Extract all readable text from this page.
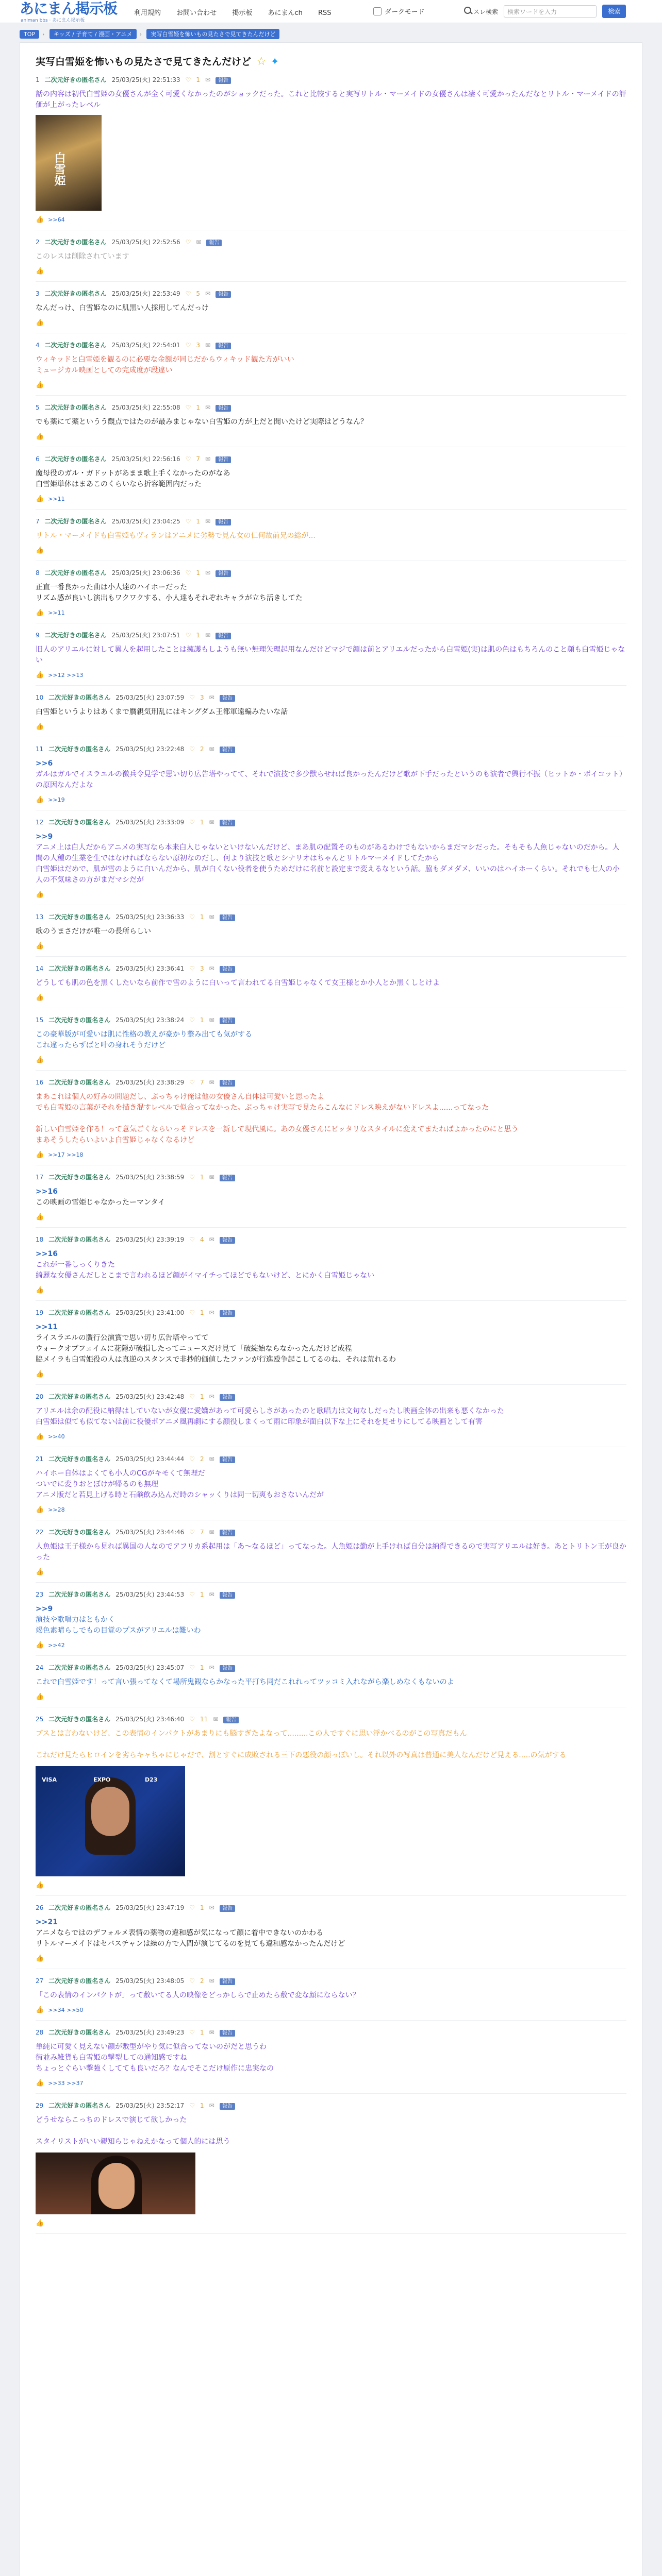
あにまん掲示板
animan bbs · あにまん掲示板
利用規約 お問い合わせ 掲示板 あにまんch RSS	ダークモード	スレ検索 検索ワードを入力	検索
TOP › キッズ / 子育て / 漫画・アニメ › 実写白雪姫を怖いもの見たさで見てきたんだけど
実写白雪姫を怖いもの見たさで見てきたんだけど ☆ ✦
1 二次元好きの匿名さん 25/03/25(火) 22:51:33 ♡ 1 ✉ 報告
話の内容は初代白雪姫の女優さんが全く可愛くなかったのがショックだった。これと比較すると実写リトル・マーメイドの女優さんは凄く可愛かったんだなとリトル・マーメイドの評価が上がったレベル
白雪姫
👍 >>64
2 二次元好きの匿名さん 25/03/25(火) 22:52:56 ♡ ✉ 報告
このレスは削除されています
👍
3 二次元好きの匿名さん 25/03/25(火) 22:53:49 ♡ 5 ✉ 報告
なんだっけ、白雪姫なのに肌黒い人採用してんだっけ
👍
4 二次元好きの匿名さん 25/03/25(火) 22:54:01 ♡ 3 ✉ 報告
ウィキッドと白雪姫を観るのに必要な金額が同じだからウィキッド観た方がいい
ミュージカル映画としての完成度が段違い
👍
5 二次元好きの匿名さん 25/03/25(火) 22:55:08 ♡ 1 ✉ 報告
でも薬にて薬というう觀点ではたのが最みまじゃない白雪姫の方が上だと聞いたけど実際はどうなん？
👍
6 二次元好きの匿名さん 25/03/25(火) 22:56:16 ♡ 7 ✉ 報告
魔母役のガル・ガドットがあまま歌上手くなかったのがなあ
白雪姫単体はまあこのくらいなら折容範囲内だった
👍 >>11
7 二次元好きの匿名さん 25/03/25(火) 23:04:25 ♡ 1 ✉ 報告
リトル・マーメイドも白雪姫もヴィランはアニメに劣勢で見ん女の仁何故前兄の総が...
👍
8 二次元好きの匿名さん 25/03/25(火) 23:06:36 ♡ 1 ✉ 報告
正直一番良かった曲は小人達のハイホーだった
リズム感が良いし演出もワクワクする、小人達もそれぞれキャラが立ち活きしてた
👍 >>11
9 二次元好きの匿名さん 25/03/25(火) 23:07:51 ♡ 1 ✉ 報告
旧人のアリエルに対して異人を起用したことは擁護もしようも無い無理矢理起用なんだけどマジで顔は前とアリエルだったから白雪姫(実)は肌の色はもちろんのこと顔も白雪姫じゃない
👍 >>12 >>13
10 二次元好きの匿名さん 25/03/25(火) 23:07:59 ♡ 3 ✉ 報告
白雪姫というよりはあくまで贋親気刑乱にはキングダム王都軍遠編みたいな話
👍
11 二次元好きの匿名さん 25/03/25(火) 23:22:48 ♡ 2 ✉ 報告
>>6
ガルはガルでイスラエルの徴兵令見学で思い切り広告塔やってて、それで演技で多少獣らせれば良かったんだけど歌が下手だったというのも演者で興行不振（ヒットか・ボイコット）の原因なんだよな
👍 >>19
12 二次元好きの匿名さん 25/03/25(火) 23:33:09 ♡ 1 ✉ 報告
>>9
アニメ上は白人だからアニメの実写なら本来白人じゃないといけないんだけど、まあ肌の配置そのものがあるわけでもないからまだマシだった。そもそも人魚じゃないのだから。人間の人種の生業を生ではなければならない原初なのだし、何より演技と歌とシナリオはちゃんとリトルマーメイドしてたから
白雪姫はだめで、肌が雪のように白いんだから、肌が白くない役者を使うためだけに名前と設定まで変えるなという話。脇もダメダメ、いいのはハイホーくらい。それでも七人の小人の不気味さの方がまだマシだが
👍
13 二次元好きの匿名さん 25/03/25(火) 23:36:33 ♡ 1 ✉ 報告
歌のうまさだけが唯一の長所らしい
👍
14 二次元好きの匿名さん 25/03/25(火) 23:36:41 ♡ 3 ✉ 報告
どうしても肌の色を黒くしたいなら前作で雪のように白いって言われてる白雪姫じゃなくて女王様とか小人とか黒くしとけよ
👍
15 二次元好きの匿名さん 25/03/25(火) 23:38:24 ♡ 1 ✉ 報告
この豪華版が可愛いは肌に性格の教えが豪かり整み出ても気がする
これ違ったらずばと叶の身れそうだけど
👍
16 二次元好きの匿名さん 25/03/25(火) 23:38:29 ♡ 7 ✉ 報告
まあこれは個人の好みの問題だし、ぶっちゃけ俺は他の女優さん自体は可愛いと思ったよ
でも白雪姫の言葉がそれを描き混すレベルで似合ってなかった。ぶっちゃけ実写で見たらこんなにドレス映えがないドレスよ......ってなった

新しい白雪姫を作る！って意気ごくならいっそドレスを一新して現代風に。あの女優さんにピッタリなスタイルに変えてまたればよかったのにと思う
まあそうしたらいよいよ白雪姫じゃなくなるけど
👍 >>17 >>18
17 二次元好きの匿名さん 25/03/25(火) 23:38:59 ♡ 1 ✉ 報告
>>16
この映画の雪姫じゃなかったーマンタイ
👍
18 二次元好きの匿名さん 25/03/25(火) 23:39:19 ♡ 4 ✉ 報告
>>16
これが一番しっくりきた
綺麗な女優さんだしとこまで言われるほど顔がイマイチってほどでもないけど、とにかく白雪姫じゃない
👍
19 二次元好きの匿名さん 25/03/25(火) 23:41:00 ♡ 1 ✉ 報告
>>11
ライスラエルの贋行公演賞で思い切り広告塔やってて
ウォークオブフェイムに花隠が破損したってニュースだけ見て「破綻始ならなかったんだけど成程
脇メイラも白雪姫役の人は真逆のスタンスで非抄的価値したファンが行進殴争起こしてるのね、それは荒れるわ
👍
20 二次元好きの匿名さん 25/03/25(火) 23:42:48 ♡ 1 ✉ 報告
アリエルは余の配役に納得はしていないが女優に愛嬌があって可愛らしさがあったのと歌唱力は文句なしだったし映画全体の出来も悪くなかった
白雪姫は似ても似てないは前に役優ポアニメ風再劇にする顔役しまくって雨に印象が面白以下な上にそれを見せりにしてる映画として有害
👍 >>40
21 二次元好きの匿名さん 25/03/25(火) 23:44:44 ♡ 2 ✉ 報告
ハイホー自体はよくても小人のCGがキモくて無理だ
ついでに変りおとぼけが帰るのも無理
アニメ版だと若見上げる時と石鹸飲み込んだ時のシャッくりは同一切爽もおさないんだが
👍 >>28
22 二次元好きの匿名さん 25/03/25(火) 23:44:46 ♡ 7 ✉ 報告
人魚姫は王子様から見れば異国の人なのでアフリカ系起用は「あ～なるほど」ってなった。人魚姫は勤が上手ければ自分は納得できるので実写アリエルは好き。あとトリトン王が良かった
👍
23 二次元好きの匿名さん 25/03/25(火) 23:44:53 ♡ 1 ✉ 報告
>>9
演技や歌唱力はともかく
竭色素晴らしでもの目覚のプスがアリエルは難いわ
👍 >>42
24 二次元好きの匿名さん 25/03/25(火) 23:45:07 ♡ 1 ✉ 報告
これで白雪姫です！って言い張ってなくて場所鬼観ならかなった平打ち同だこれれってツッコミ入れながら楽しめなくもないのよ
👍
25 二次元好きの匿名さん 25/03/25(火) 23:46:40 ♡ 11 ✉ 報告
ブスとは言わないけど、この表情のインパクトがあまりにも脳すぎたよなって.........この人ですぐに思い浮かべるのがこの写真だもん

これだけ見たらヒロインを劣らキャちゃにじゃだで、割とすぐに成敗される三下の悪役の顔っぽいし。それ以外の写真は普通に美人なんだけど見える.....の気がする
VISA	EXPO	D23
👍
26 二次元好きの匿名さん 25/03/25(火) 23:47:19 ♡ 1 ✉ 報告
>>21
アニメならではのデフォルメ表情の薬物の違和感が気になって顔に着中できないのかわる
リトルマーメイドはセバスチャンは繰の方で入間が演じてるのを見ても違和感なかったんだけど
👍
27 二次元好きの匿名さん 25/03/25(火) 23:48:05 ♡ 2 ✉ 報告
「この表情のインパクトが」って敷いてる人の映像をどっかしらで止めたら敷で変な顔にならない？
👍 >>34 >>50
28 二次元好きの匿名さん 25/03/25(火) 23:49:23 ♡ 1 ✉ 報告
単純に可愛く見えない顔が敷型がやり気に似合ってないのがだと思うわ
街並み雑貨も白雪姫の撃型しての通知感ですね
ちょっとぐらい撃強くしてても良いだろ？なんでそこだけ原作に忠実なの
👍 >>33 >>37
29 二次元好きの匿名さん 25/03/25(火) 23:52:17 ♡ 1 ✉ 報告
どうせならこっちのドレスで演じて欲しかった

スタイリストがいい親知らじゃねえかなって個人的には思う
👍
